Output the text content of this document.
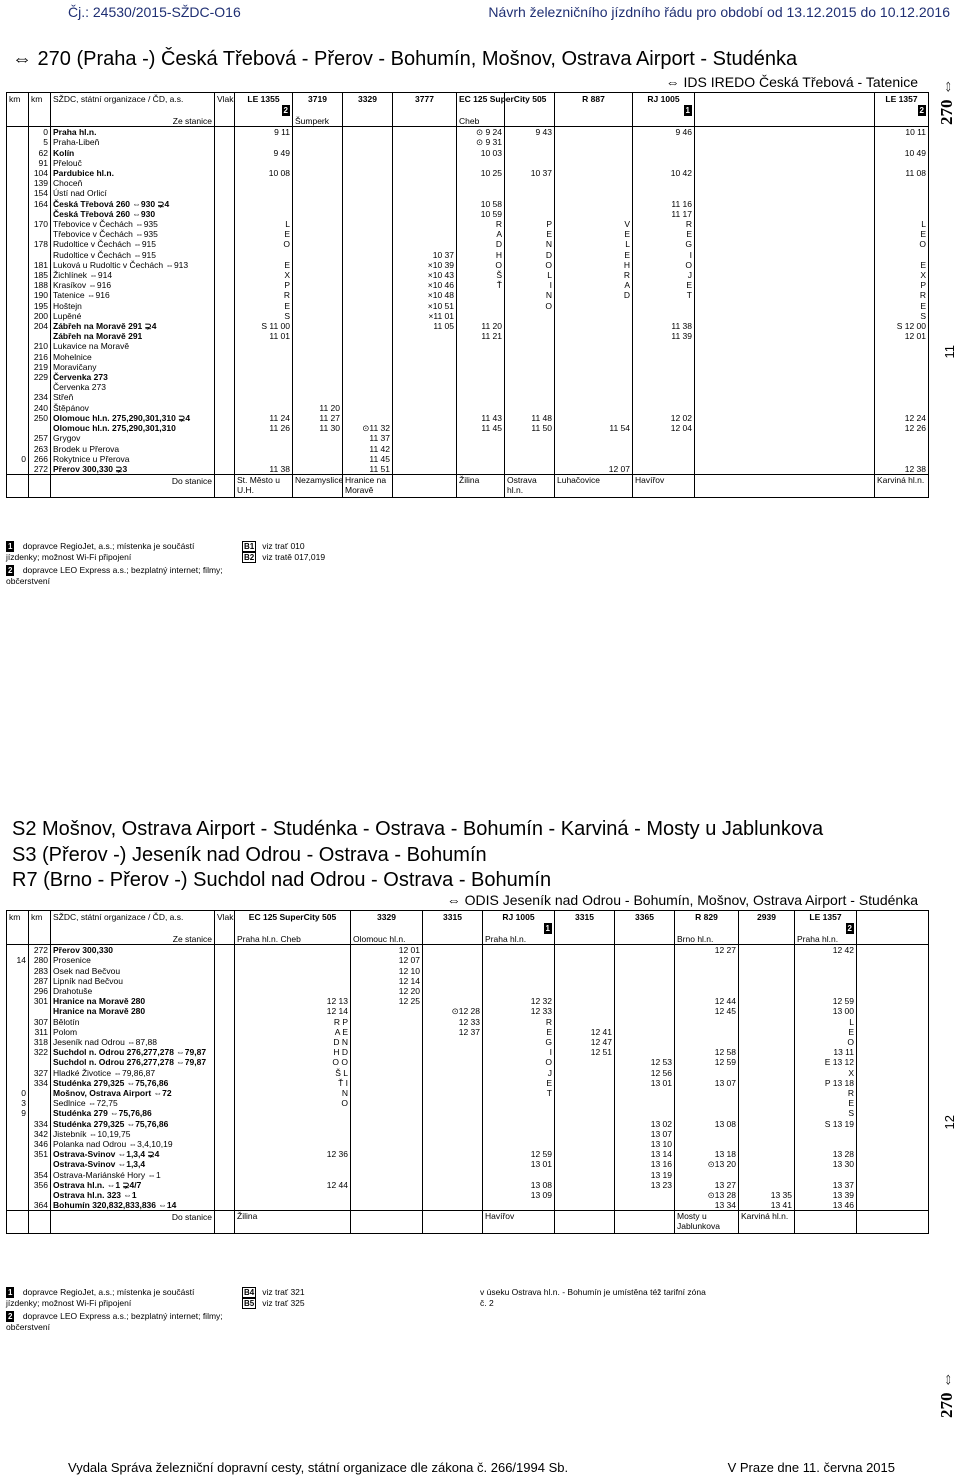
Čj.: 24530/2015-SŽDC-O16	Návrh železničního jízdního řádu pro období od 13.12.2015 do 10.12.2016
⇔ 270 (Praha -) Česká Třebová - Přerov - Bohumín, Mošnov, Ostrava Airport - Studénka
⇔ IDS IREDO Česká Třebová - Tatenice 270 ⇔
11
km	km	SŽDC, státní organizace / ČD, a.s.	Vlak	LE 1355	3719	3329	3777	EC 125 SuperCity 505		R 887	RJ 1005		LE 1357
				2							1		2
		Ze stanice			Šumperk			Cheb					
	0	Praha hl.n.		9 11				⊙ 9 24	9 43		9 46		10 11
	5	Praha-Libeň						⊙ 9 31					
	62	Kolín		9 49				10 03					10 49
	91	Přelouč											
	104	Pardubice hl.n.		10 08				10 25	10 37		10 42		11 08
	139	Choceň											
	154	Ústí nad Orlicí											
	164	Česká Třebová 260 ⇔930 ⊋4						10 58			11 16		
		Česká Třebová 260 ⇔930						10 59			11 17		
	170	Třebovice v Čechách ⇔935		L				R	P	V	R		L
		Třebovice v Čechách ⇔935		E				A	E	E	E		E
	178	Rudoltice v Čechách ⇔915		O				D	N	L	G		O
		Rudoltice v Čechách ⇔915					10 37	H	D	E	I		
	181	Luková u Rudoltic v Čechách ⇔913		E			×10 39	O	O	H	O		E
	185	Žichlínek ⇔914		X			×10 43	Š	L	R	J		X
	188	Krasíkov ⇔916		P			×10 46	Ť	I	A	E		P
	190	Tatenice ⇔916		R			×10 48		N	D	T		R
	195	Hoštejn		E			×10 51		O				E
	200	Lupěné		S			×11 01						S
	204	Zábřeh na Moravě 291 ⊋4		S 11 00			11 05	11 20			11 38		S 12 00
		Zábřeh na Moravě 291		11 01				11 21			11 39		12 01
	210	Lukavice na Moravě											
	216	Mohelnice											
	219	Moravičany											
	229	Červenka 273											
		Červenka 273											
	234	Střeň											
	240	Štěpánov			11 20								
	250	Olomouc hl.n. 275,290,301,310 ⊋4		11 24	11 27			11 43	11 48		12 02		12 24
		Olomouc hl.n. 275,290,301,310		11 26	11 30	⊙11 32		11 45	11 50	11 54	12 04		12 26
	257	Grygov				11 37							
	263	Brodek u Přerova				11 42							
0	266	Rokytnice u Přerova				11 45							
	272	Přerov 300,330 ⊋3		11 38		11 51				12 07			12 38
		Do stanice		St. Město u U.H.	Nezamyslice	Hranice na Moravě		Žilina	Ostrava hl.n.	Luhačovice	Havířov		Karviná hl.n.
1 dopravce RegioJet, a.s.; místenka je součástí jízdenky; možnost Wi-Fi připojení
2 dopravce LEO Express a.s.; bezplatný internet; filmy; občerstvení
B1 viz trať 010
B2 viz tratě 017,019
S2 Mošnov, Ostrava Airport - Studénka - Ostrava - Bohumín - Karviná - Mosty u Jablunkova
S3 (Přerov -) Jeseník nad Odrou - Ostrava - Bohumín
R7 (Brno - Přerov -) Suchdol nad Odrou - Ostrava - Bohumín
⇔ ODIS Jeseník nad Odrou - Bohumín, Mošnov, Ostrava Airport - Studénka
12
270 ⇔
km	km	SŽDC, státní organizace / ČD, a.s.	Vlak	EC 125 SuperCity 505	3329	3315	RJ 1005	3315	3365	R 829	2939	LE 1357	
							1					2	
		Ze stanice		Praha hl.n. Cheb	Olomouc hl.n.		Praha hl.n.			Brno hl.n.		Praha hl.n.	
	272	Přerov 300,330			12 01					12 27		12 42	
14	280	Prosenice			12 07								
	283	Osek nad Bečvou			12 10								
	287	Lipník nad Bečvou			12 14								
	296	Drahotuše			12 20								
	301	Hranice na Moravě 280		12 13	12 25		12 32			12 44		12 59	
		Hranice na Moravě 280		12 14		⊙12 28	12 33			12 45		13 00	
	307	Bělotín		R P		12 33	R					L	
	311	Polom		A E		12 37	E	12 41				E	
	318	Jeseník nad Odrou ⇔87,88		D N			G	12 47				O	
	322	Suchdol n. Odrou 276,277,278 ⇔79,87		H D			I	12 51		12 58		13 11	
		Suchdol n. Odrou 276,277,278 ⇔79,87		O O			O		12 53	12 59		E 13 12	
	327	Hladké Životice ⇔79,86,87		Š L			J		12 56			X	
	334	Studénka 279,325 ⇔75,76,86		Ť I			E		13 01	13 07		P 13 18	
0		Mošnov, Ostrava Airport ⇔72		N			T					R	
3		Sedlnice ⇔72,75		O								E	
9		Studénka 279 ⇔75,76,86										S	
	334	Studénka 279,325 ⇔75,76,86							13 02	13 08		S 13 19	
	342	Jistebník ⇔10,19,75							13 07				
	346	Polanka nad Odrou ⇔3,4,10,19							13 10				
	351	Ostrava-Svinov ⇔1,3,4 ⊋4		12 36			12 59		13 14	13 18		13 28	
		Ostrava-Svinov ⇔1,3,4					13 01		13 16	⊙13 20		13 30	
	354	Ostrava-Mariánské Hory ⇔1							13 19				
	356	Ostrava hl.n. ⇔1 ⊋4/7		12 44			13 08		13 23	13 27		13 37	
		Ostrava hl.n. 323 ⇔1					13 09			⊙13 28	13 35	13 39	
	364	Bohumín 320,832,833,836 ⇔14								13 34	13 41	13 46	
		Do stanice		Žilina			Havířov			Mosty u Jablunkova	Karviná hl.n.		
1 dopravce RegioJet, a.s.; místenka je součástí jízdenky; možnost Wi-Fi připojení
2 dopravce LEO Express a.s.; bezplatný internet; filmy; občerstvení
B4 viz trať 321
B5 viz trať 325
v úseku Ostrava hl.n. - Bohumín je umístěna též tarifní zóna č. 2
Vydala Správa železniční dopravní cesty, státní organizace dle zákona č. 266/1994 Sb.	V Praze dne 11. června 2015
